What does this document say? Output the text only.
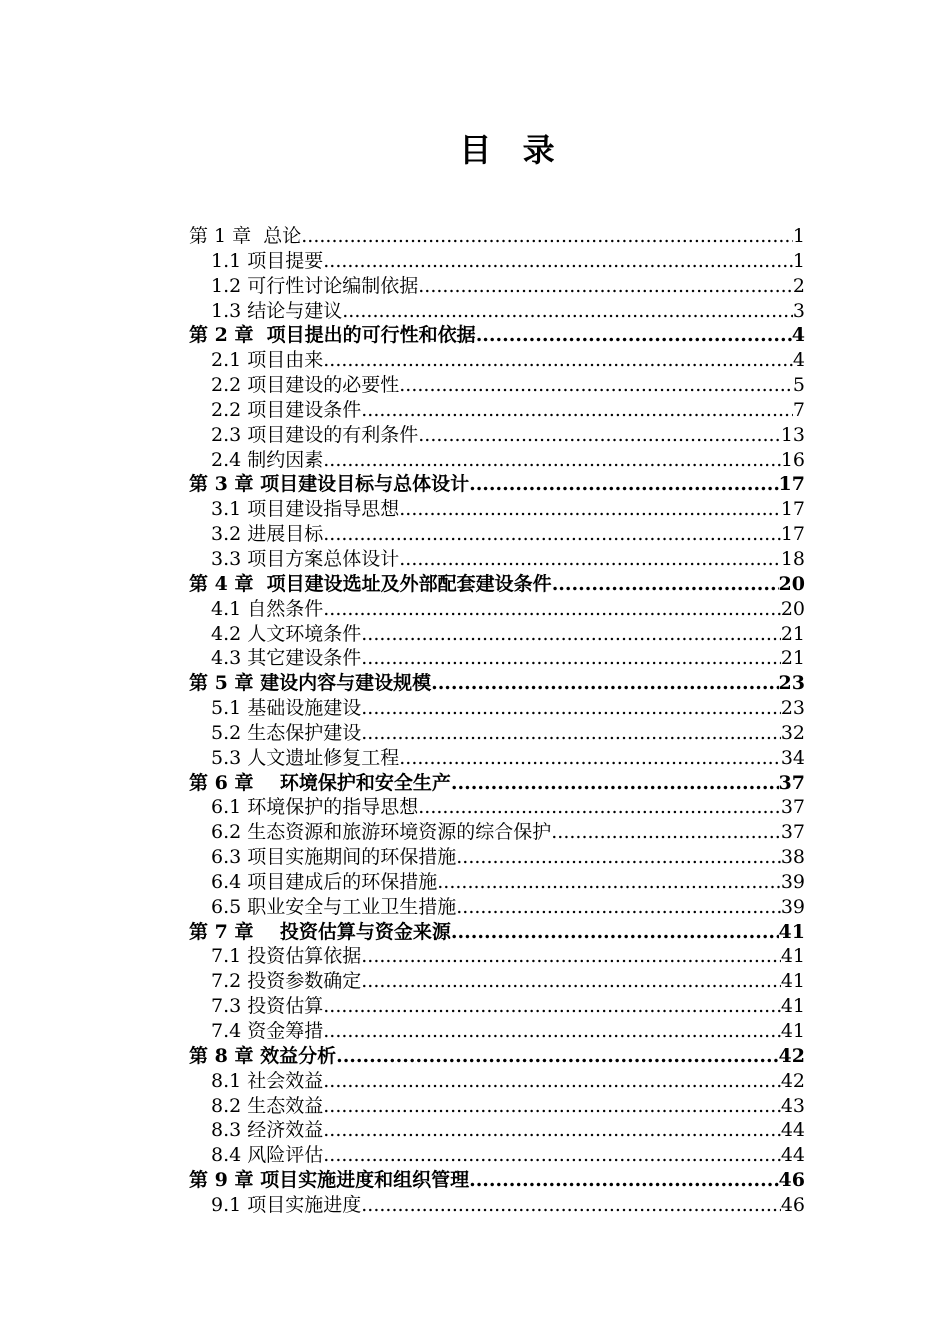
目 录
第 1 章  总论 .....	1
1.1 项目提要 .....	1
1.2 可行性讨论编制依据 .....	2
1.3 结论与建议 .....	3
第 2 章  项目提出的可行性和依据 .....	4
2.1 项目由来 .....	4
2.2 项目建设的必要性 .....	5
2.2 项目建设条件 .....	7
2.3 项目建设的有利条件 .....	13
2.4 制约因素 .....	16
第 3 章 项目建设目标与总体设计 .....	17
3.1 项目建设指导思想 .....	17
3.2 进展目标 .....	17
3.3 项目方案总体设计 .....	18
第 4 章  项目建设选址及外部配套建设条件 .....	20
4.1 自然条件 .....	20
4.2 人文环境条件 .....	21
4.3 其它建设条件 .....	21
第 5 章 建设内容与建设规模 .....	23
5.1 基础设施建设 .....	23
5.2 生态保护建设 .....	32
5.3 人文遗址修复工程 .....	34
第 6 章    环境保护和安全生产 .....	37
6.1 环境保护的指导思想 .....	37
6.2 生态资源和旅游环境资源的综合保护 .....	37
6.3 项目实施期间的环保措施 .....	38
6.4 项目建成后的环保措施 .....	39
6.5 职业安全与工业卫生措施 .....	39
第 7 章    投资估算与资金来源 .....	41
7.1 投资估算依据 .....	41
7.2 投资参数确定 .....	41
7.3 投资估算 .....	41
7.4 资金筹措 .....	41
第 8 章 效益分析 .....	42
8.1 社会效益 .....	42
8.2 生态效益 .....	43
8.3 经济效益 .....	44
8.4 风险评估 .....	44
第 9 章 项目实施进度和组织管理 .....	46
9.1 项目实施进度 .....	46
